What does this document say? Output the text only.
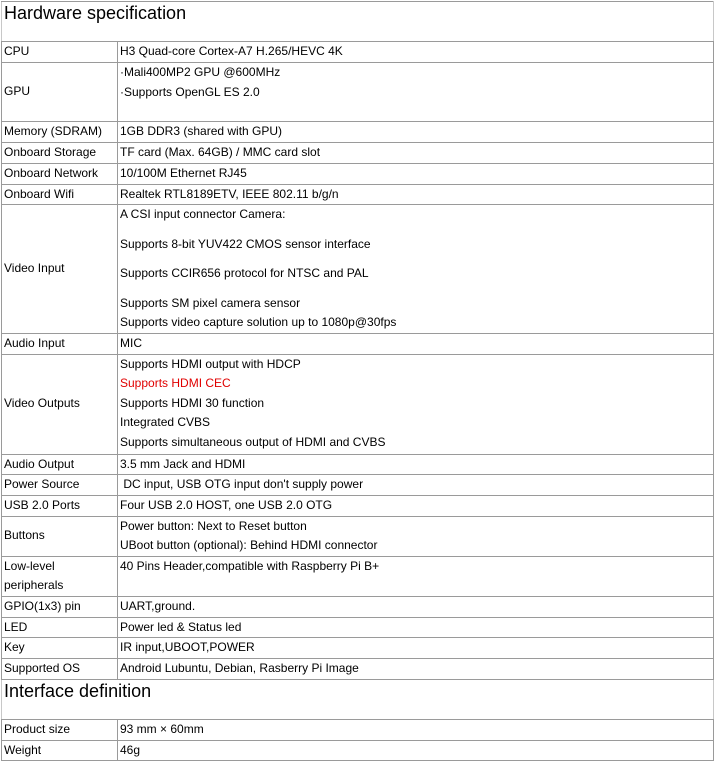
Hardware specification	
CPU	H3 Quad-core Cortex-A7 H.265/HEVC 4K
GPU	·Mali400MP2 GPU @600MHz
·Supports OpenGL ES 2.0

Memory (SDRAM)	1GB DDR3 (shared with GPU)
Onboard Storage	TF card (Max. 64GB) / MMC card slot
Onboard Network	10/100M Ethernet RJ45
Onboard Wifi	Realtek RTL8189ETV, IEEE 802.11 b/g/n
Video Input	A CSI input connector Camera:
Supports 8-bit YUV422 CMOS sensor interface
Supports CCIR656 protocol for NTSC and PAL
Supports SM pixel camera sensor
Supports video capture solution up to 1080p@30fps

Audio Input	MIC
Video Outputs	Supports HDMI output with HDCP
Supports HDMI CEC
Supports HDMI 30 function
Integrated CVBS
Supports simultaneous output of HDMI and CVBS

Audio Output	3.5 mm Jack and HDMI
Power Source	DC input, USB OTG input don't supply power
USB 2.0 Ports	Four USB 2.0 HOST, one USB 2.0 OTG
Buttons	Power button: Next to Reset button
UBoot button (optional): Behind HDMI connector

Low-level
peripherals	40 Pins Header,compatible with Raspberry Pi B+
GPIO(1x3) pin	UART,ground.
LED	Power led & Status led
Key	IR input,UBOOT,POWER
Supported OS	Android Lubuntu, Debian, Rasberry Pi Image
Interface definition	
Product size	93 mm × 60mm
Weight	46g
